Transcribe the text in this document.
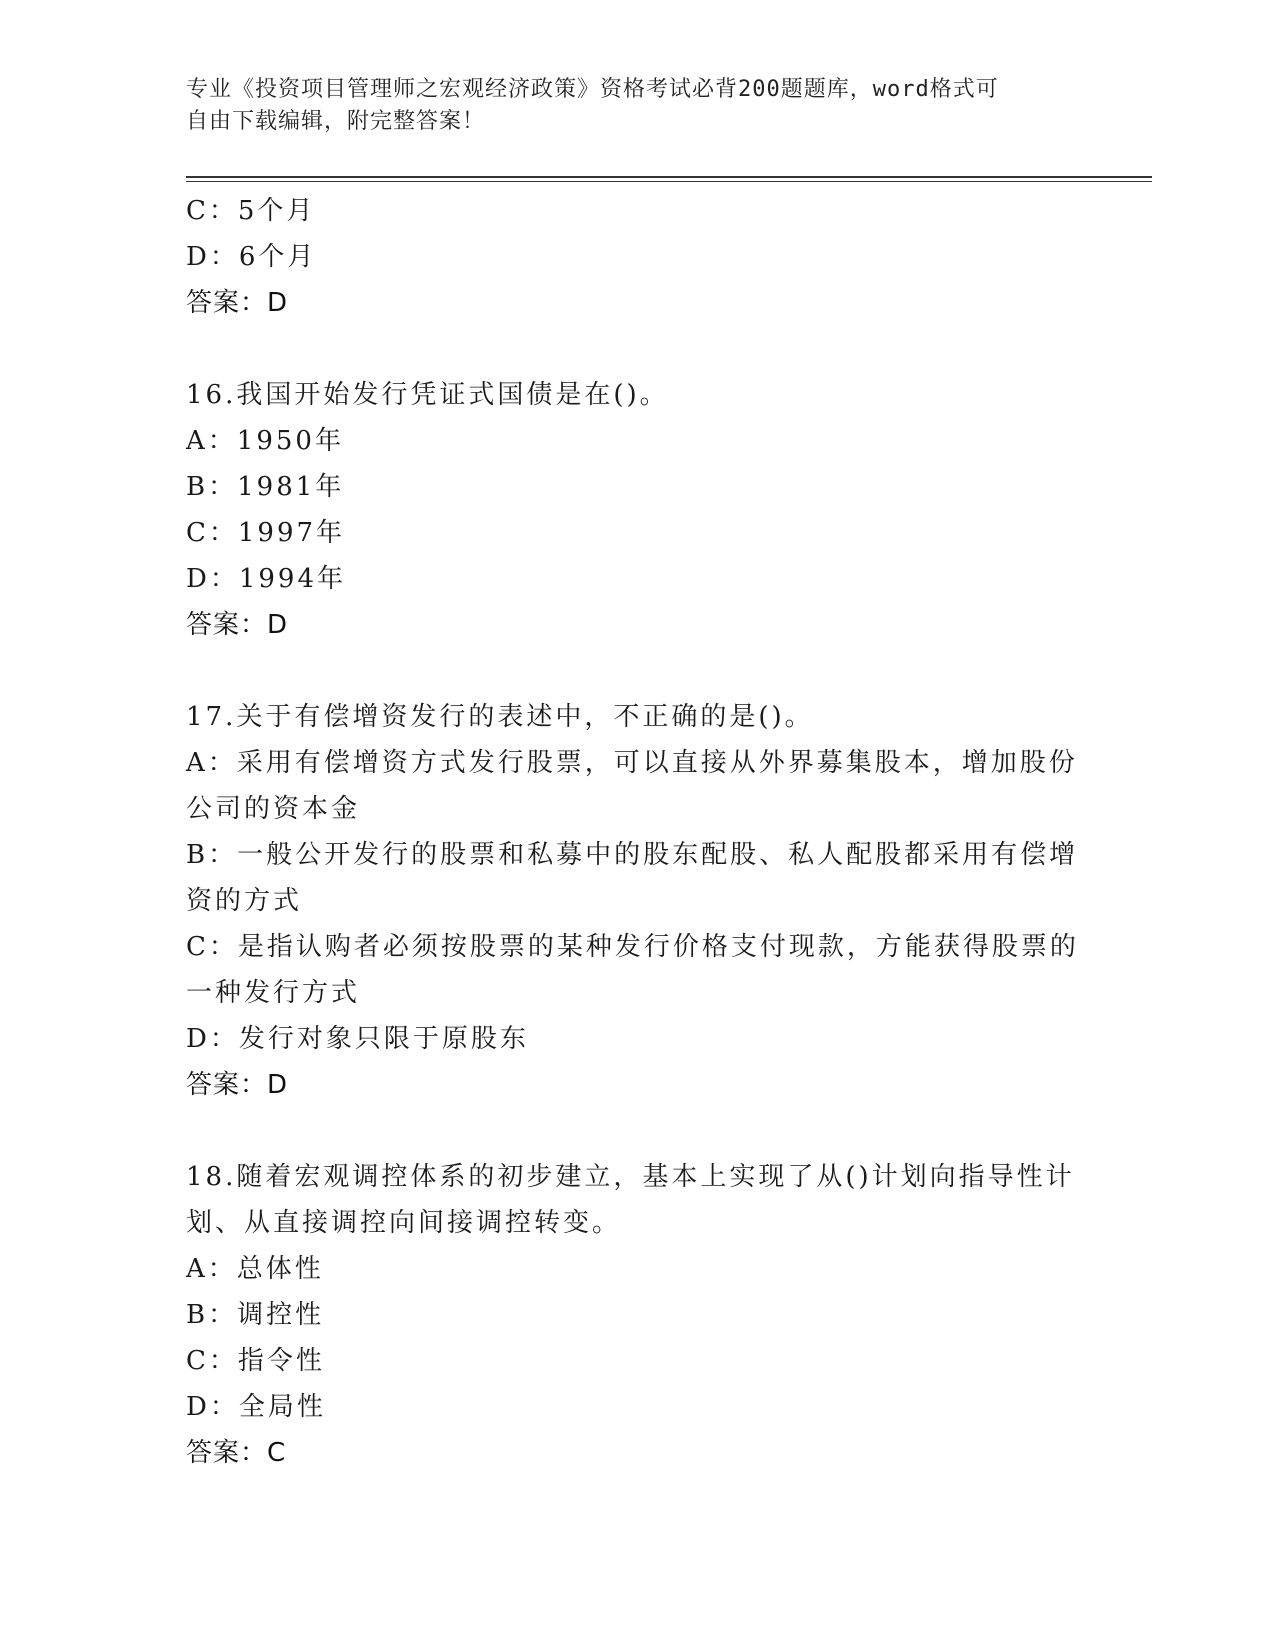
专业《投资项目管理师之宏观经济政策》资格考试必背200题题库，word格式可
自由下载编辑，附完整答案！
C：5个月
D：6个月
答案：D
16.我国开始发行凭证式国债是在()。
A：1950年
B：1981年
C：1997年
D：1994年
答案：D
17.关于有偿增资发行的表述中，不正确的是()。
A：采用有偿增资方式发行股票，可以直接从外界募集股本，增加股份公司的资本金
B：一般公开发行的股票和私募中的股东配股、私人配股都采用有偿增资的方式
C：是指认购者必须按股票的某种发行价格支付现款，方能获得股票的一种发行方式
D：发行对象只限于原股东
答案：D
18.随着宏观调控体系的初步建立，基本上实现了从()计划向指导性计划、从直接调控向间接调控转变。
A：总体性
B：调控性
C：指令性
D：全局性
答案：C
